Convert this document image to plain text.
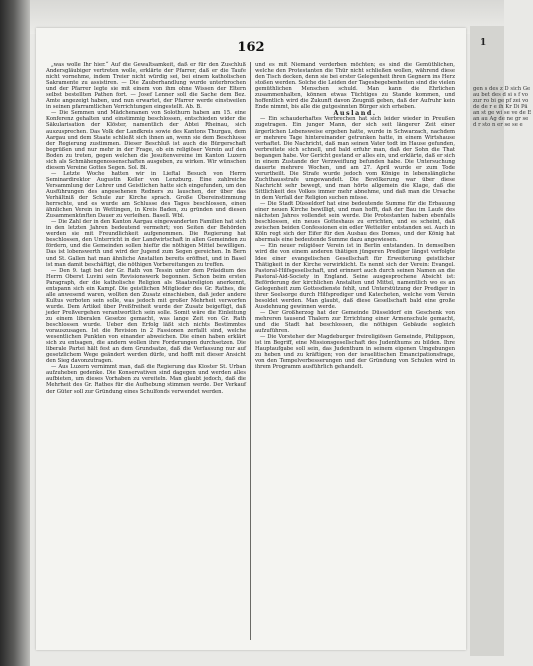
162

„was wolle Ihr hier.“ Auf die Gewaltsamkeit, daß er für den Zuschluß Andersgläubiger vertreten wolle, erklärte der Pfarrer, daß er die Taufe nicht vornehme, indem Treier nicht würdig sei, bei einem katholischen Sakramente zu assistiren. — Die Zauberhandlung wurde unterbrochen und der Pfarrer legte sie mit einem von ihm ohne Wissen der Eltern selbst bestellten Pathen fort. — Josef Lenner soll die Sache dem Bez. Amte angezeigt haben, und nun erwartet, der Pfarrer werde einstweilen in seinen pfarramtlichen Verrichtungen eingestellt. Ab. B.

— Die Semmen und Mädchenanen von Solothurn haben am 15. eine Konferenz gehalten und einstimmig beschlossen, entschieden wider die Säkularisation der Klöster, namentlich der Abtei Rheinau, sich auszusprechen. Das Volk der Landkreis sowie des Kantons Thurgau, dem Aargau und dem Staate schließt sich ihnen an, wenn sie dem Beschlusse der Regierung zustimmen. Dieser Beschluß ist auch die Bürgerschaft begrüßen und nur mehr in der Frage, ob ein religiöser Verein auf den Boden zu treten, gegen welchen die Jesuitenvereine im Kanton Luzern sich als Schmähengenossenschaften ausgeben, zu wirken. Wir wünschen diesem Vereine Gottes Segen. Sol. Bl.

— Letzte Woche hatten wir in Lieftal Besuch von Herrn Seminardirektor Augustin Keller von Lenzburg. Eine zahlreiche Versammlung der Lehrer und Geistlichen hatte sich eingefunden, um den Ausführungen des angesehenen Redners zu lauschen, der über das Verhältniß der Schule zur Kirche sprach. Große Übereinstimmung herrschte, und es wurde am Schlusse des Tages beschlossen, einen ähnlichen Verein in Wettingen, in Kreis Baden, zu gründen und diesen Zusammenkünften Dauer zu verleihen. Basell. Wbl.

— Die Zahl der in den Kanton Aargau eingewanderten Familien hat sich in den letzten Jahren bedeutend vermehrt; von Seiten der Behörden werden sie mit Freundlichkeit aufgenommen. Die Regierung hat beschlossen, den Unterricht in der Landwirtschaft in allen Gemeinden zu fördern, und die Gemeinden sollen hiefür die nöthigen Mittel bewilligen. Das ist lobenswerth und wird der Jugend zum Segen gereichen. In Bern und St. Gallen hat man ähnliche Anstalten bereits eröffnet, und in Basel ist man damit beschäftigt, die nöthigen Vorbereitungen zu treffen.

— Den 9. tagt bei der Gr. Rath von Tessin unter dem Präsidium des Herrn Oberst Luvini sein Revisionswerk begonnen. Schon beim ersten Paragraph, der die katholische Religion als Staatsreligion anerkennt, entspann sich ein Kampf. Die geistlichen Mitglieder des Gr. Rathes, die alle anwesend waren, wollten den Zusatz einschieben, daß jeder andere Kultus verboten sein solle, was jedoch mit großer Mehrheit verworfen wurde. Dem Artikel über Preßfreiheit wurde der Zusatz beigefügt, daß jeder Preßvergehen verantwortlich sein solle. Somit wäre die Einleitung zu einem liberalen Gesetze gemacht, was lange Zeit von Gr. Rath beschlossen wurde. Ueber den Erfolg läßt sich nichts Bestimmtes vorauszusagen. Ist die Revision in 2 Fassionen zerfallt sind, welche wesentlichen Punkten von einander abweichen. Die einen haben erklärt sich zu entsagen, die andern wollen ihre Forderungen durchsetzen. Die liberale Partei hält fest an dem Grundsatze, daß die Verfassung nur auf gesetzlichem Wege geändert werden dürfe, und hofft mit dieser Ansicht den Sieg davonzutragen.

— Aus Luzern vernimmt man, daß die Regierung das Kloster St. Urban aufzuheben gedenke. Die Konservativen sind dagegen und werden alles aufbieten, um dieses Vorhaben zu vereiteln. Man glaubt jedoch, daß die Mehrheit des Gr. Rathes für die Aufhebung stimmen werde. Der Verkauf der Güter soll zur Gründung eines Schulfonds verwendet werden.

und es mit Niemand verderben möchten; es sind die Gemüthlichen, welche den Protestanten die Thür nicht schließen wollen, während diese den Tisch decken, denn sie bei erster Gelegenheit ihren Gegnern ins Herz stoßen werden. Solche die Leiden der Tagesbegebenheiten sind die vielen gemüthlichen Menschen schuld. Man kann die Ehrlichen zusammenhalten, können etwas Tüchtiges zu Stande kommen, und hoffentlich wird die Zukunft davon Zeugniß geben, daß der Aufruhr kein Ende nimmt, bis alle die gutgesinnten Bürger sich erheben.

Ausland.

— Ein schauderhaftes Verbrechen hat sich leider wieder in Preußen zugetragen. Ein junger Mann, der sich seit längerer Zeit einer ärgerlichen Lebensweise ergeben hatte, wurde in Schwarzach, nachdem er mehrere Tage hintereinander getrunken hatte, in einem Wirtshause verhaftet. Die Nachricht, daß man seinen Vater todt im Hause gefunden, verbreitete sich schnell, und bald erfuhr man, daß der Sohn die That begangen habe. Vor Gericht gestand er alles ein, und erklärte, daß er sich in einem Zustande der Verzweiflung befunden habe. Die Untersuchung dauerte mehrere Wochen, und am 27. April wurde er zum Tode verurtheilt. Die Strafe wurde jedoch vom Könige in lebenslängliche Zuchthausstrafe umgewandelt. Die Bevölkerung war über diese Nachricht sehr bewegt, und man hörte allgemein die Klage, daß die Sittlichkeit des Volkes immer mehr abnehme, und daß man die Ursache in dem Verfall der Religion suchen müsse.

— Die Stadt Düsseldorf hat eine bedeutende Summe für die Erbauung einer neuen Kirche bewilligt, und man hofft, daß der Bau im Laufe des nächsten Jahres vollendet sein werde. Die Protestanten haben ebenfalls beschlossen, ein neues Gotteshaus zu errichten, und es scheint, daß zwischen beiden Confessionen ein edler Wetteifer entstanden sei. Auch in Köln regt sich der Eifer für den Ausbau des Domes, und der König hat abermals eine bedeutende Summe dazu angewiesen.

— Ein neuer religiöser Verein ist in Berlin entstanden. In demselben wird die von einem anderen thätigen jüngeren Prediger längst verfolgte Idee einer evangelischen Gesellschaft für Erweiterung geistlicher Thätigkeit in der Kirche verwirklicht. Es nennt sich der Verein: Evangel. Pastoral-Hilfsgesellschaft, und erinnert auch durch seinen Namen an die Pastoral-Aid-Society in England. Seine ausgesprochene Absicht ist: Beförderung der kirchlichen Anstalten und Mittel, namentlich wo es an Gelegenheit zum Gottesdienste fehlt, und Unterstützung der Prediger in ihrer Seelsorge durch Hilfsprediger und Katecheten, welche vom Verein besoldet werden. Man glaubt, daß diese Gesellschaft bald eine große Ausdehnung gewinnen werde.

— Der Großherzog hat der Gemeinde Düsseldorf ein Geschenk von mehreren tausend Thalern zur Errichtung einer Armenschule gemacht, und die Stadt hat beschlossen, die nöthigen Gebäude sogleich aufzuführen.

— Die Vorsteher der Magdeburger freireligiösen Gemeinde, Philippson, ist im Begriff, eine Missionsgesellschaft des Judenthums zu bilden. Ihre Hauptaufgabe soll sein, das Judenthum in seinem eigenen Umgebungen zu heben und zu kräftigen; von der israelitischen Emancipationsfrage, von den Tempelverbesserungen und der Gründung von Schulen wird in ihrem Programm ausführlich gehandelt.

1
gen s des z D sich Ge au bet des d si s f vo zur ro bi ge pf zei vo de de r e ih Kr Di Pä an st ge wi se ve de E an au Ag de ne gr se d r sto n er se se e
